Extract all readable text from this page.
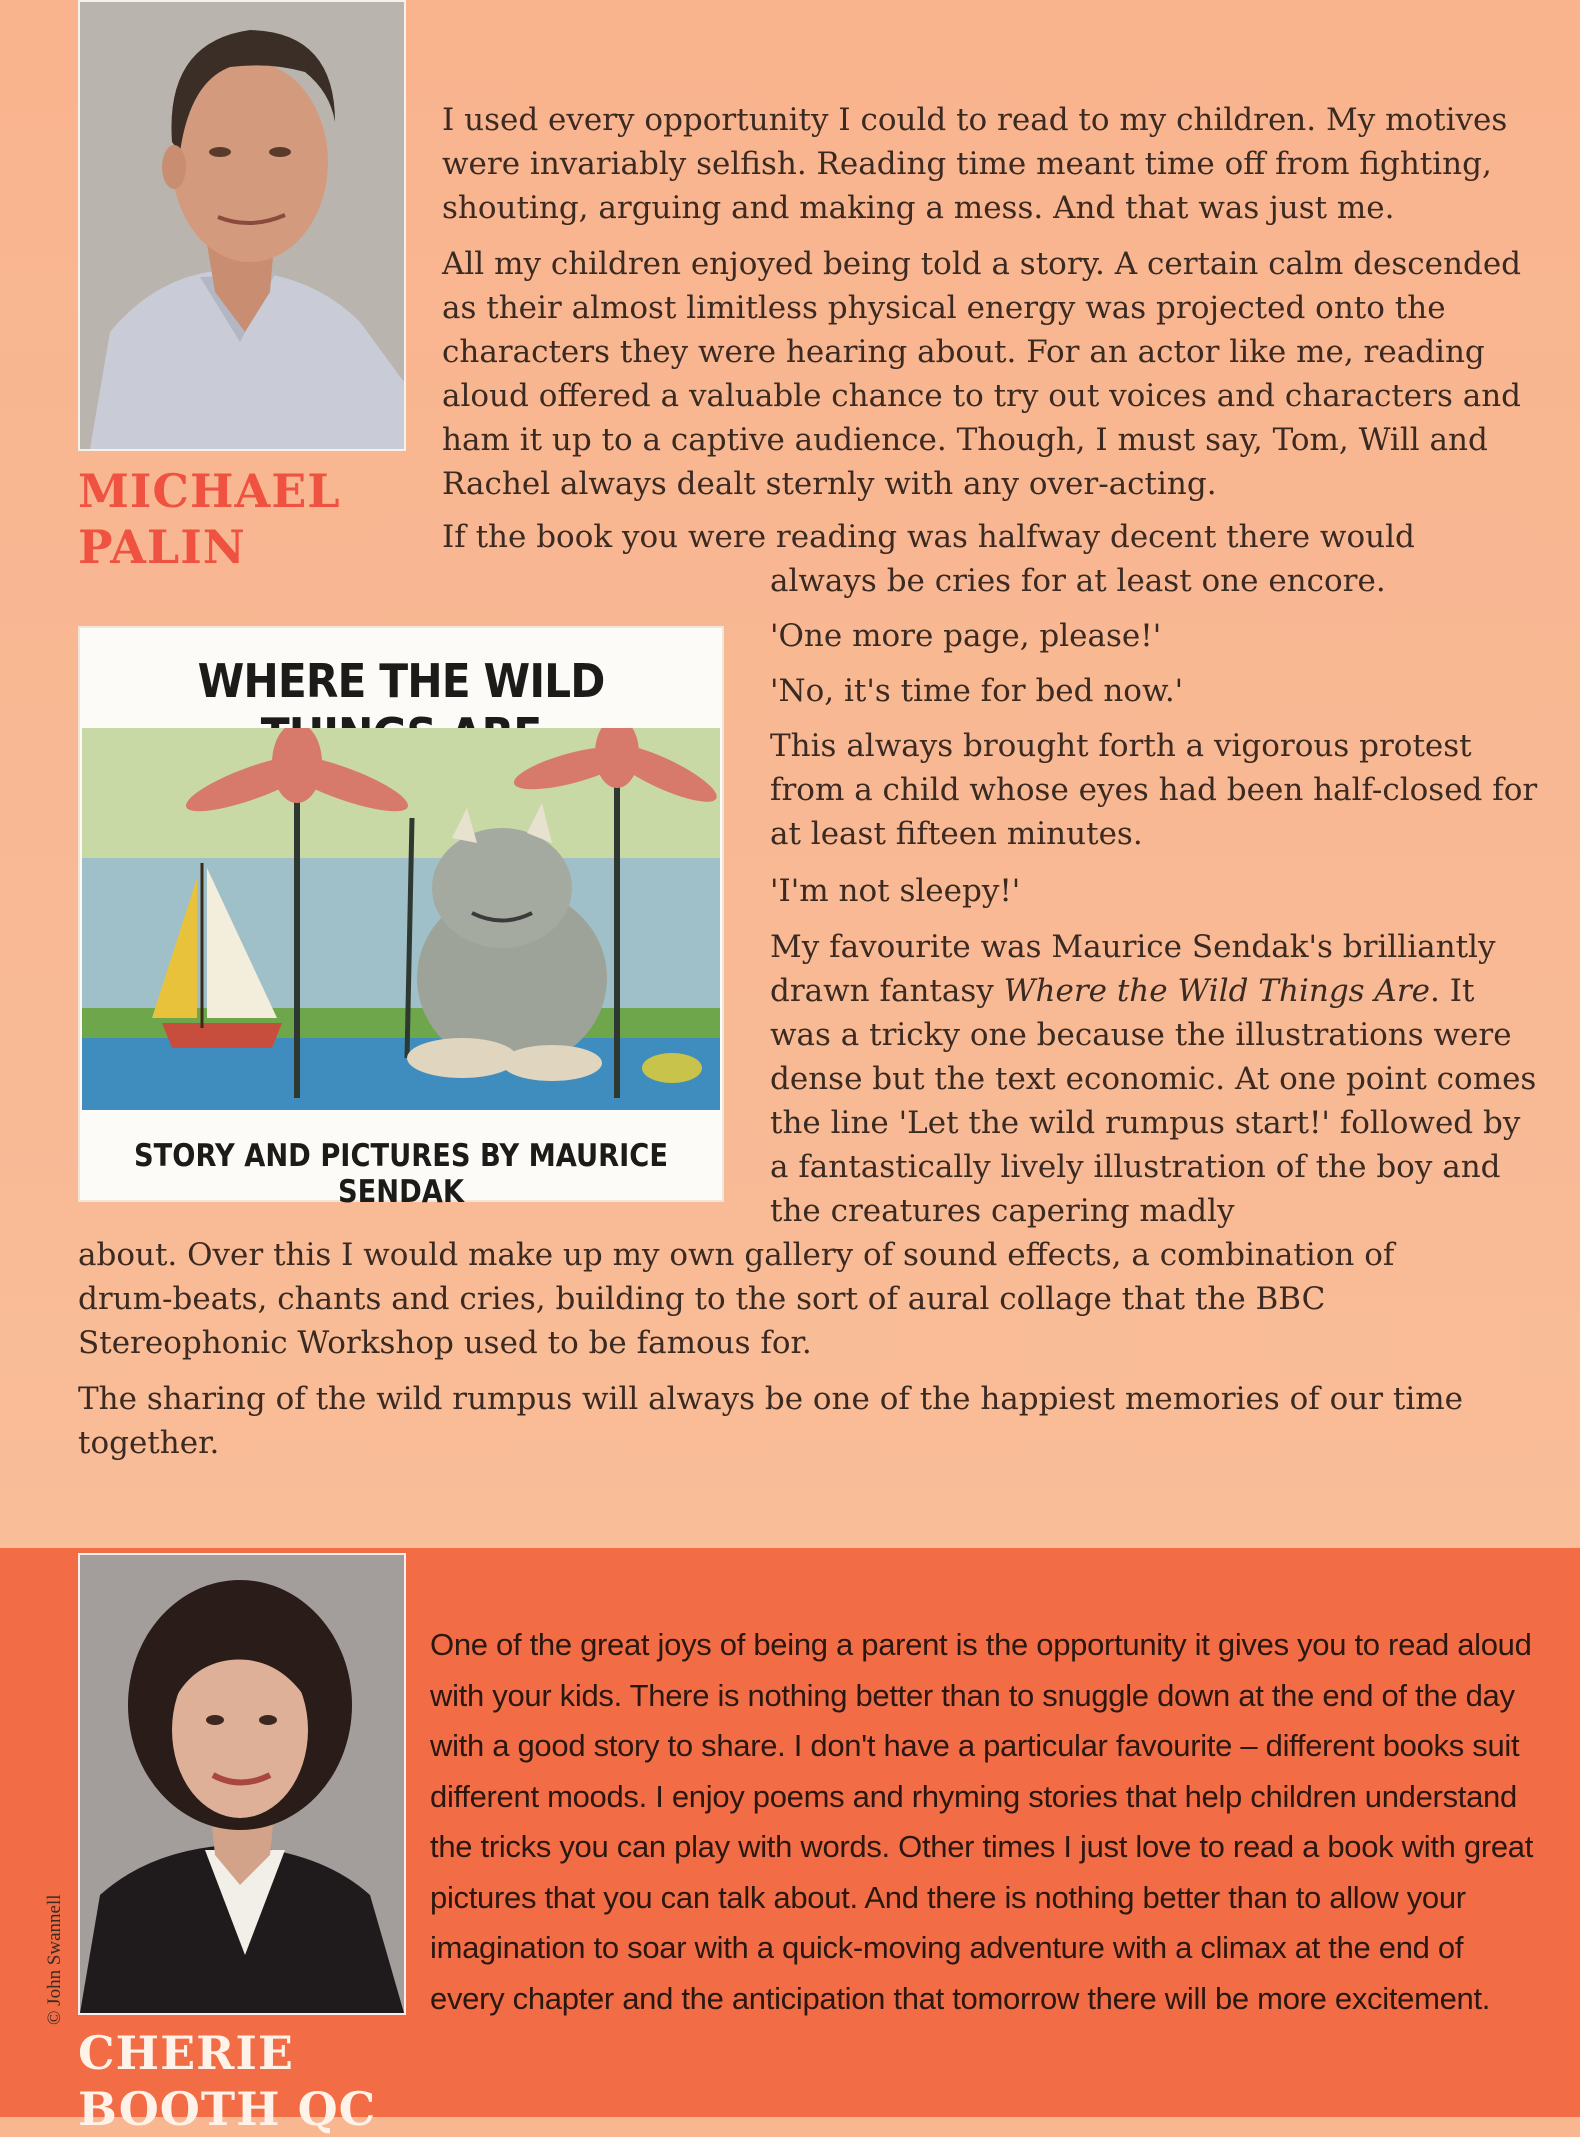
MICHAEL
PALIN

I used every opportunity I could to read to my children. My motives were invariably selfish. Reading time meant time off from fighting, shouting, arguing and making a mess. And that was just me.

All my children enjoyed being told a story. A certain calm descended as their almost limitless physical energy was projected onto the characters they were hearing about. For an actor like me, reading aloud offered a valuable chance to try out voices and characters and ham it up to a captive audience. Though, I must say, Tom, Will and Rachel always dealt sternly with any over-acting.

If the book you were reading was halfway decent there would

always be cries for at least one encore.

'One more page, please!'

'No, it's time for bed now.'

This always brought forth a vigorous protest from a child whose eyes had been half-closed for at least fifteen minutes.

'I'm not sleepy!'

My favourite was Maurice Sendak's brilliantly drawn fantasy Where the Wild Things Are. It was a tricky one because the illustrations were dense but the text economic. At one point comes the line 'Let the wild rumpus start!' followed by a fantastically lively illustration of the boy and the creatures capering madly

about. Over this I would make up my own gallery of sound effects, a combination of drum-beats, chants and cries, building to the sort of aural collage that the BBC Stereophonic Workshop used to be famous for.

The sharing of the wild rumpus will always be one of the happiest memories of our time together.

WHERE THE WILD
STORY AND PICTURES BY MAURICE SENDAK
© John Swannell
CHERIE
BOOTH QC

One of the great joys of being a parent is the opportunity it gives you to read aloud with your kids. There is nothing better than to snuggle down at the end of the day with a good story to share. I don't have a particular favourite – different books suit different moods. I enjoy poems and rhyming stories that help children understand the tricks you can play with words. Other times I just love to read a book with great pictures that you can talk about. And there is nothing better than to allow your imagination to soar with a quick-moving adventure with a climax at the end of every chapter and the anticipation that tomorrow there will be more excitement.
